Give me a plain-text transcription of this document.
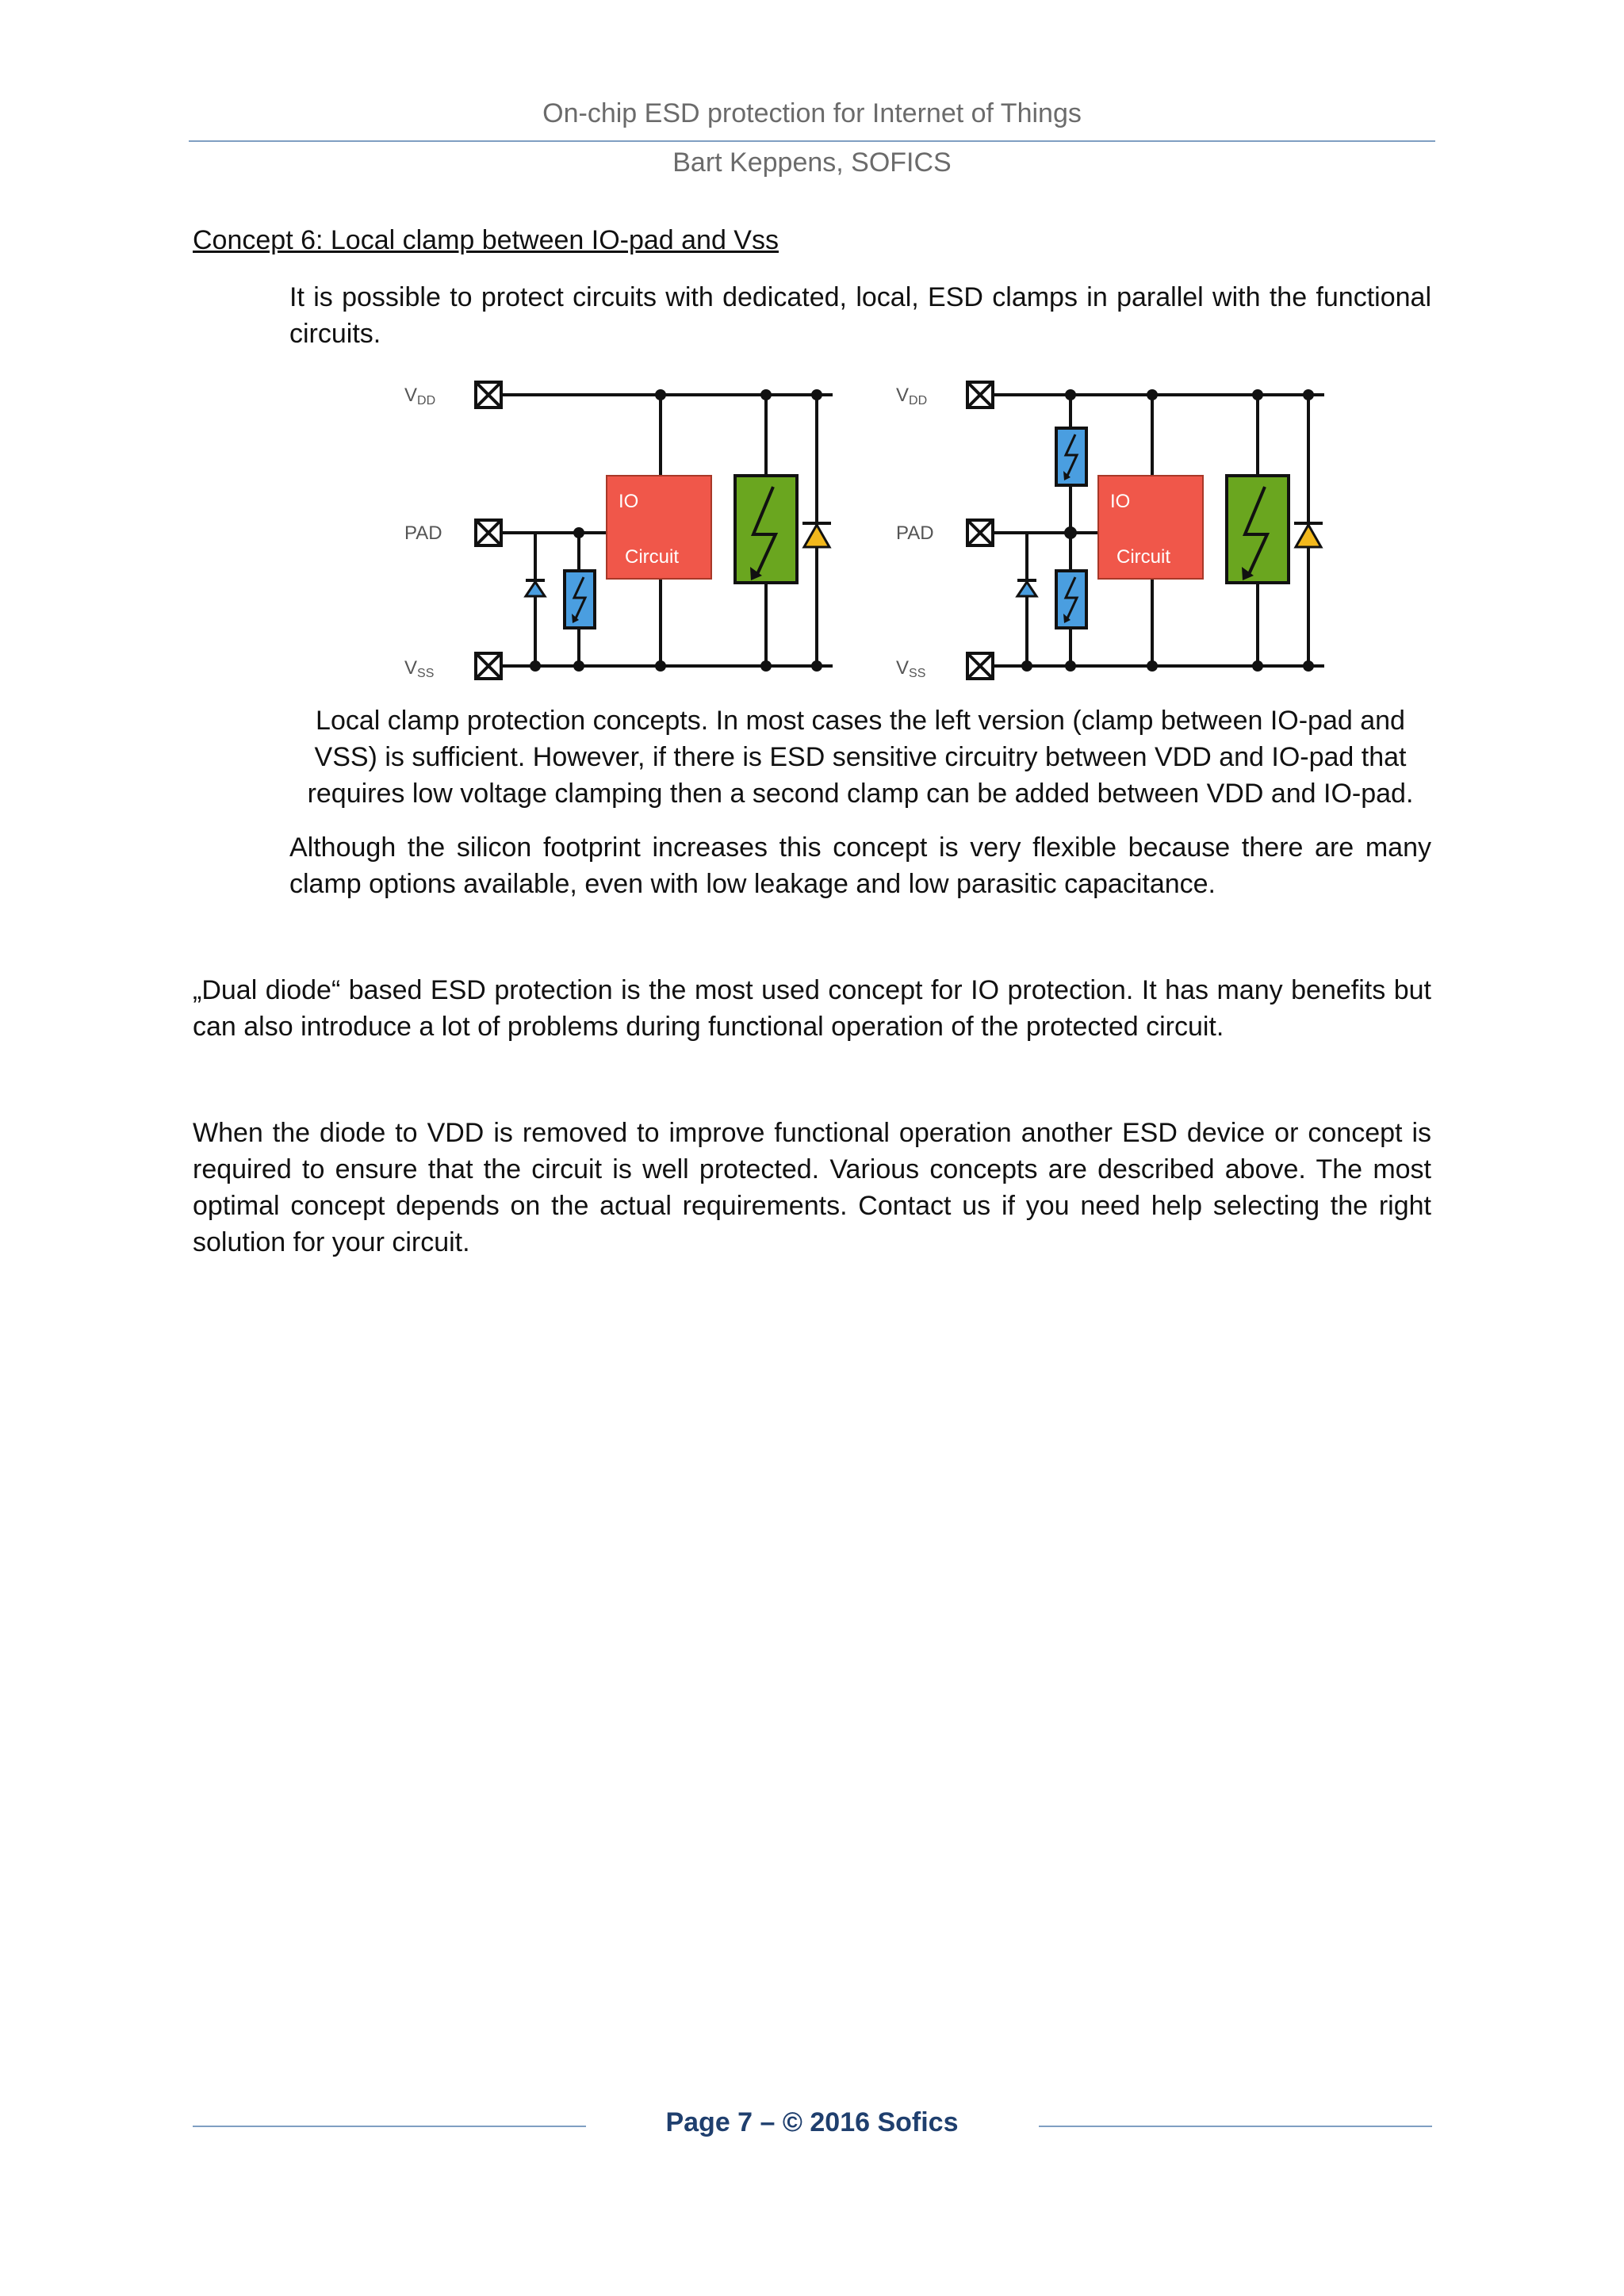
On-chip ESD protection for Internet of Things
Bart Keppens, SOFICS
Concept 6: Local clamp between IO-pad and Vss
It is possible to protect circuits with dedicated, local, ESD clamps in parallel with the functional circuits.
VDD
PAD
VSS
IO
Circuit
VDD
PAD
VSS
IO
Circuit
Local clamp protection concepts. In most cases the left version (clamp between IO-pad and VSS) is sufficient. However, if there is ESD sensitive circuitry between VDD and IO-pad that requires low voltage clamping then a second clamp can be added between VDD and IO-pad.
Although the silicon footprint increases this concept is very flexible because there are many clamp options available, even with low leakage and low parasitic capacitance.
„Dual diode“ based ESD protection is the most used concept for IO protection. It has many benefits but can also introduce a lot of problems during functional operation of the protected circuit.
When the diode to VDD is removed to improve functional operation another ESD device or concept is required to ensure that the circuit is well protected. Various concepts are described above. The most optimal concept depends on the actual requirements. Contact us if you need help selecting the right solution for your circuit.
Page 7 – © 2016 Sofics
